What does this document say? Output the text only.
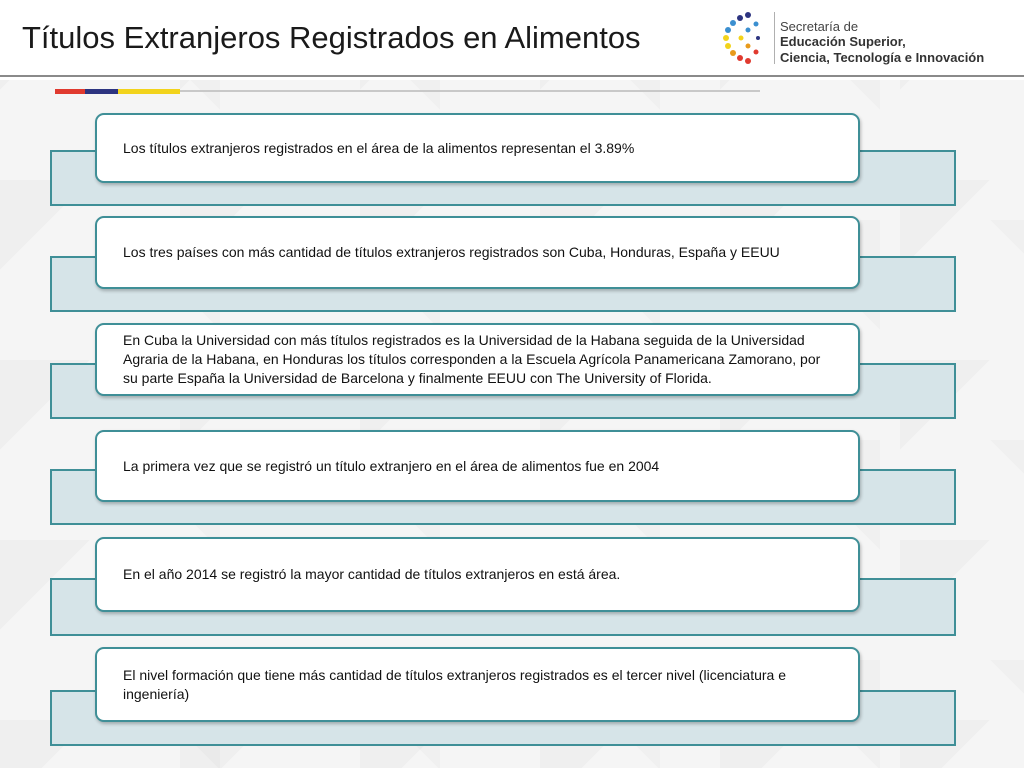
Títulos Extranjeros Registrados en Alimentos	Secretaría de
Educación Superior,
Ciencia, Tecnología e Innovación
Los títulos extranjeros registrados en el área de la alimentos representan el 3.89%
Los tres países con más cantidad de títulos extranjeros registrados son Cuba, Honduras, España y EEUU
En Cuba la Universidad con más títulos registrados es la Universidad de la Habana seguida de la Universidad Agraria de la Habana, en Honduras los títulos corresponden a la Escuela Agrícola Panamericana Zamorano, por su parte España la Universidad de Barcelona y finalmente EEUU con The University of Florida.
La primera vez que se registró un título extranjero en el área de alimentos fue en 2004
En el año 2014 se registró la mayor cantidad de títulos extranjeros en está área.
El nivel formación que tiene más cantidad de títulos extranjeros registrados es el tercer nivel (licenciatura e ingeniería)
